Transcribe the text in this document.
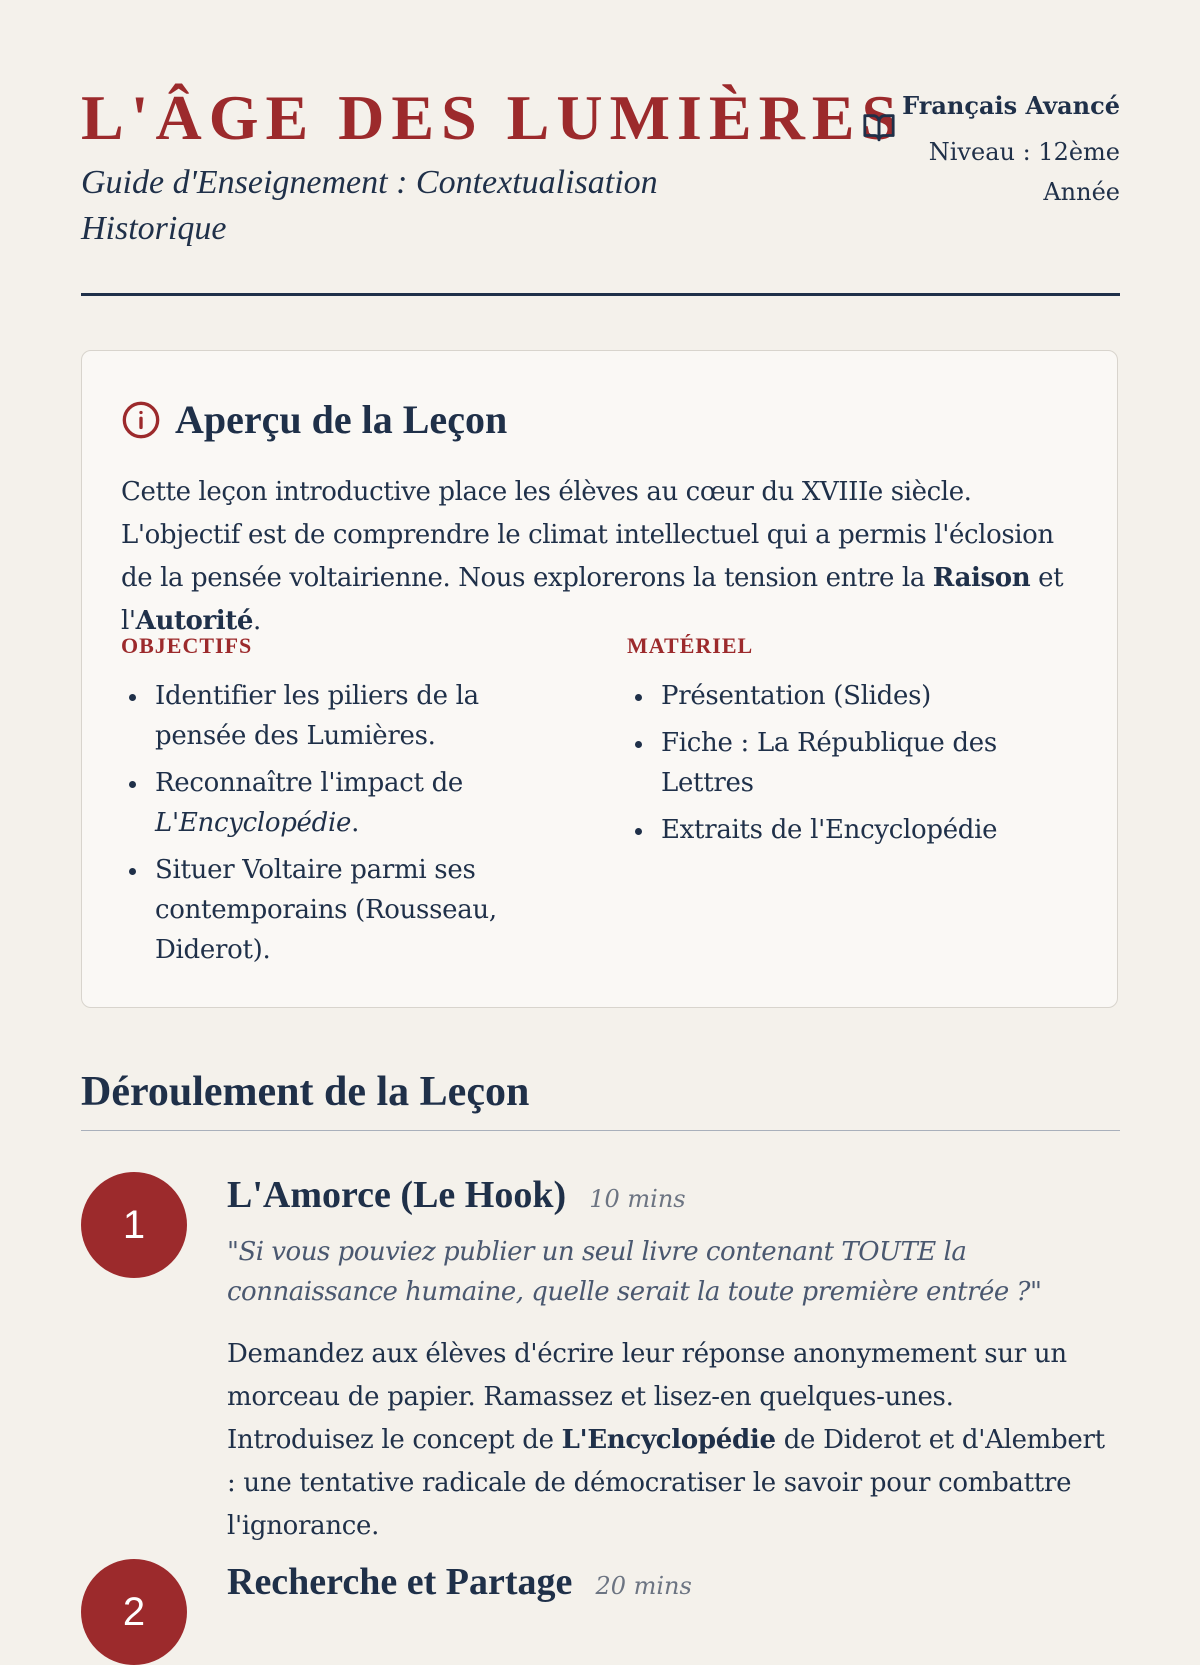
L'ÂGE DES LUMIÈRES
Guide d'Enseignement : Contextualisation Historique
Français Avancé
Niveau : 12ème Année
Aperçu de la Leçon

Cette leçon introductive place les élèves au cœur du XVIIIe siècle. L'objectif est de comprendre le climat intellectuel qui a permis l'éclosion de la pensée voltairienne. Nous explorerons la tension entre la Raison et l'Autorité.

OBJECTIFS
Identifier les piliers de la pensée des Lumières.
Reconnaître l'impact de L'Encyclopédie.
Situer Voltaire parmi ses contemporains (Rousseau, Diderot).
MATÉRIEL
Présentation (Slides)
Fiche : La République des Lettres
Extraits de l'Encyclopédie
Déroulement de la Leçon
1
L'Amorce (Le Hook) 10 mins

"Si vous pouviez publier un seul livre contenant TOUTE la connaissance humaine, quelle serait la toute première entrée ?"

Demandez aux élèves d'écrire leur réponse anonymement sur un morceau de papier. Ramassez et lisez-en quelques-unes. Introduisez le concept de L'Encyclopédie de Diderot et d'Alembert : une tentative radicale de démocratiser le savoir pour combattre l'ignorance.

2
Recherche et Partage 20 mins
